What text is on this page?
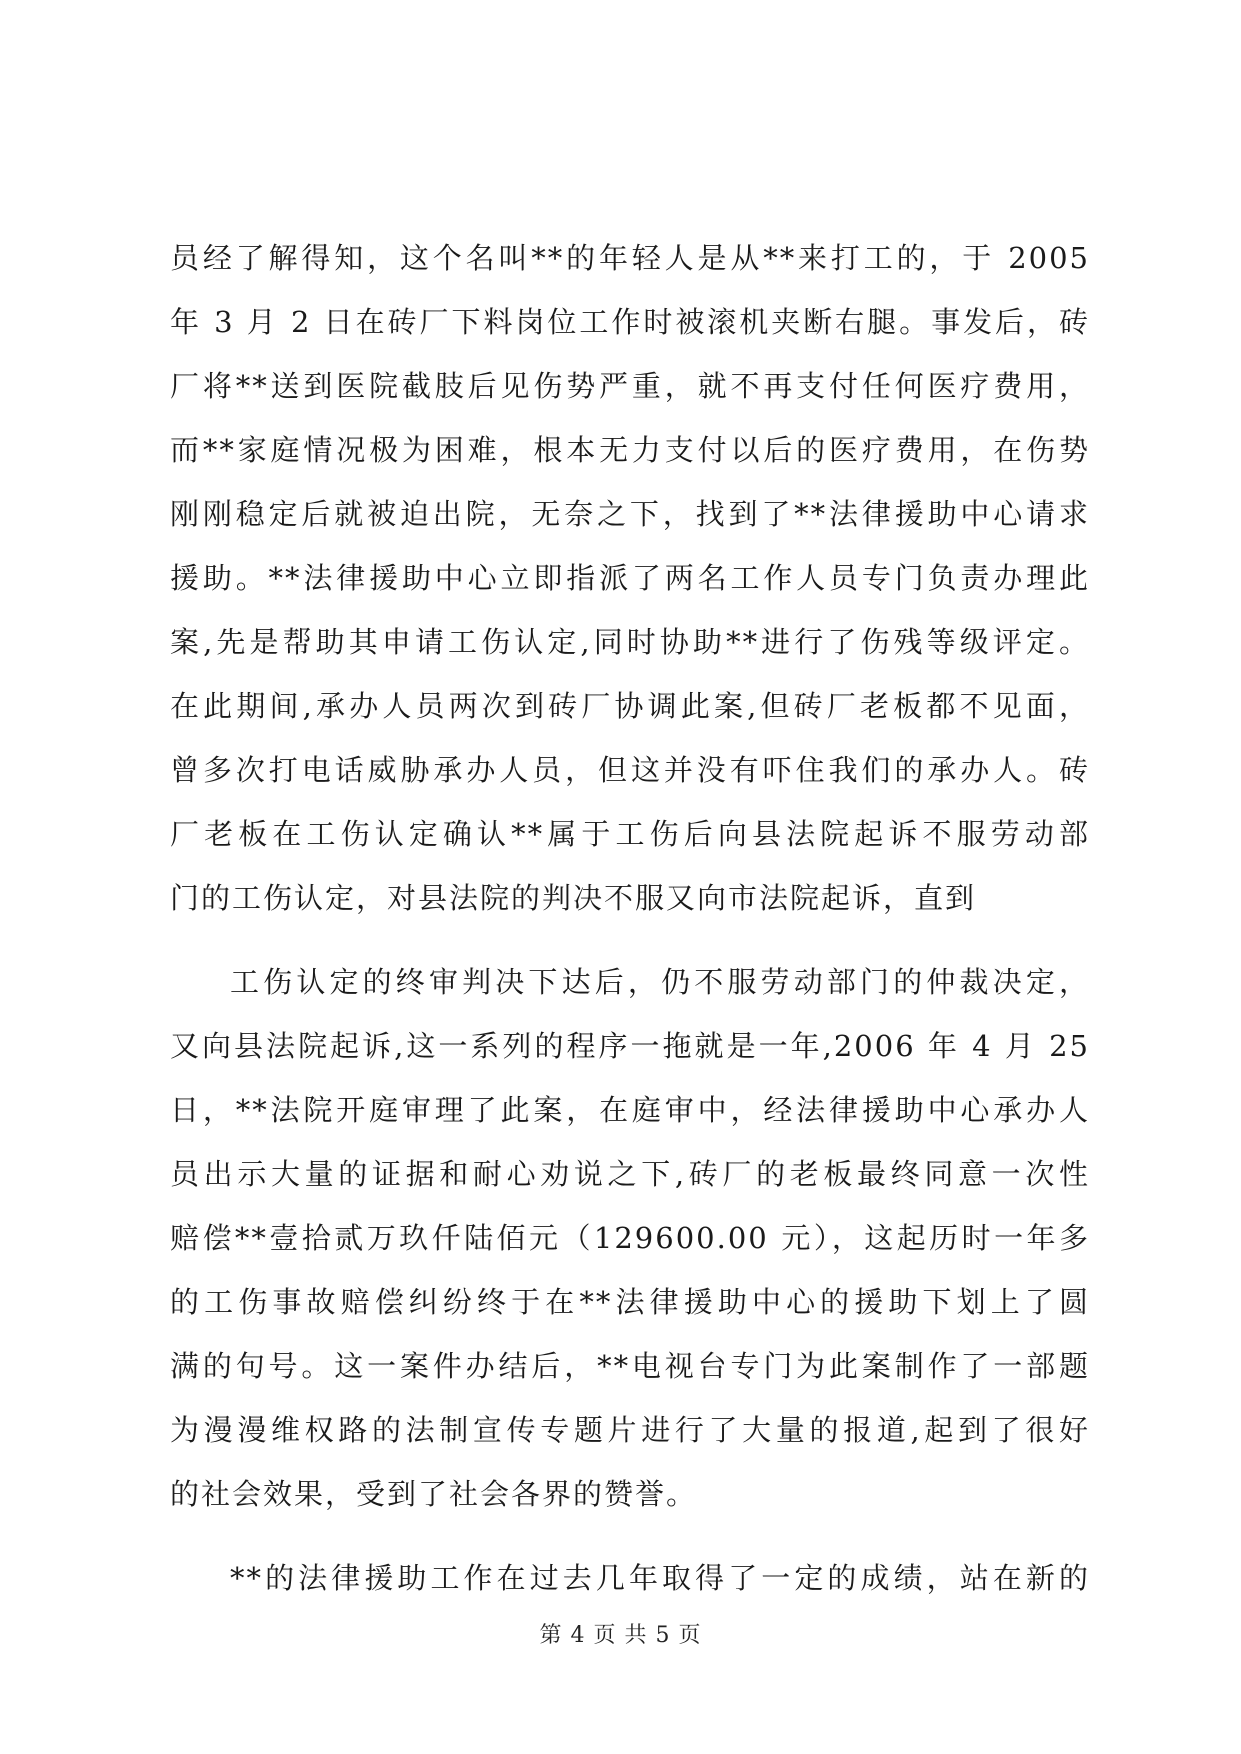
员经了解得知，这个名叫**的年轻人是从**来打工的，于 2005
年 3 月 2 日在砖厂下料岗位工作时被滚机夹断右腿。事发后，砖
厂将**送到医院截肢后见伤势严重，就不再支付任何医疗费用，
而**家庭情况极为困难，根本无力支付以后的医疗费用，在伤势
刚刚稳定后就被迫出院，无奈之下，找到了**法律援助中心请求
援助。**法律援助中心立即指派了两名工作人员专门负责办理此
案,先是帮助其申请工伤认定,同时协助**进行了伤残等级评定。
在此期间,承办人员两次到砖厂协调此案,但砖厂老板都不见面，
曾多次打电话威胁承办人员，但这并没有吓住我们的承办人。砖
厂老板在工伤认定确认**属于工伤后向县法院起诉不服劳动部
门的工伤认定，对县法院的判决不服又向市法院起诉，直到
工伤认定的终审判决下达后，仍不服劳动部门的仲裁决定，
又向县法院起诉,这一系列的程序一拖就是一年,2006 年 4 月 25
日，**法院开庭审理了此案，在庭审中，经法律援助中心承办人
员出示大量的证据和耐心劝说之下,砖厂的老板最终同意一次性
赔偿**壹拾贰万玖仟陆佰元（129600.00 元），这起历时一年多
的工伤事故赔偿纠纷终于在**法律援助中心的援助下划上了圆
满的句号。这一案件办结后，**电视台专门为此案制作了一部题
为漫漫维权路的法制宣传专题片进行了大量的报道,起到了很好
的社会效果，受到了社会各界的赞誉。
**的法律援助工作在过去几年取得了一定的成绩，站在新的
第 4 页 共 5 页
